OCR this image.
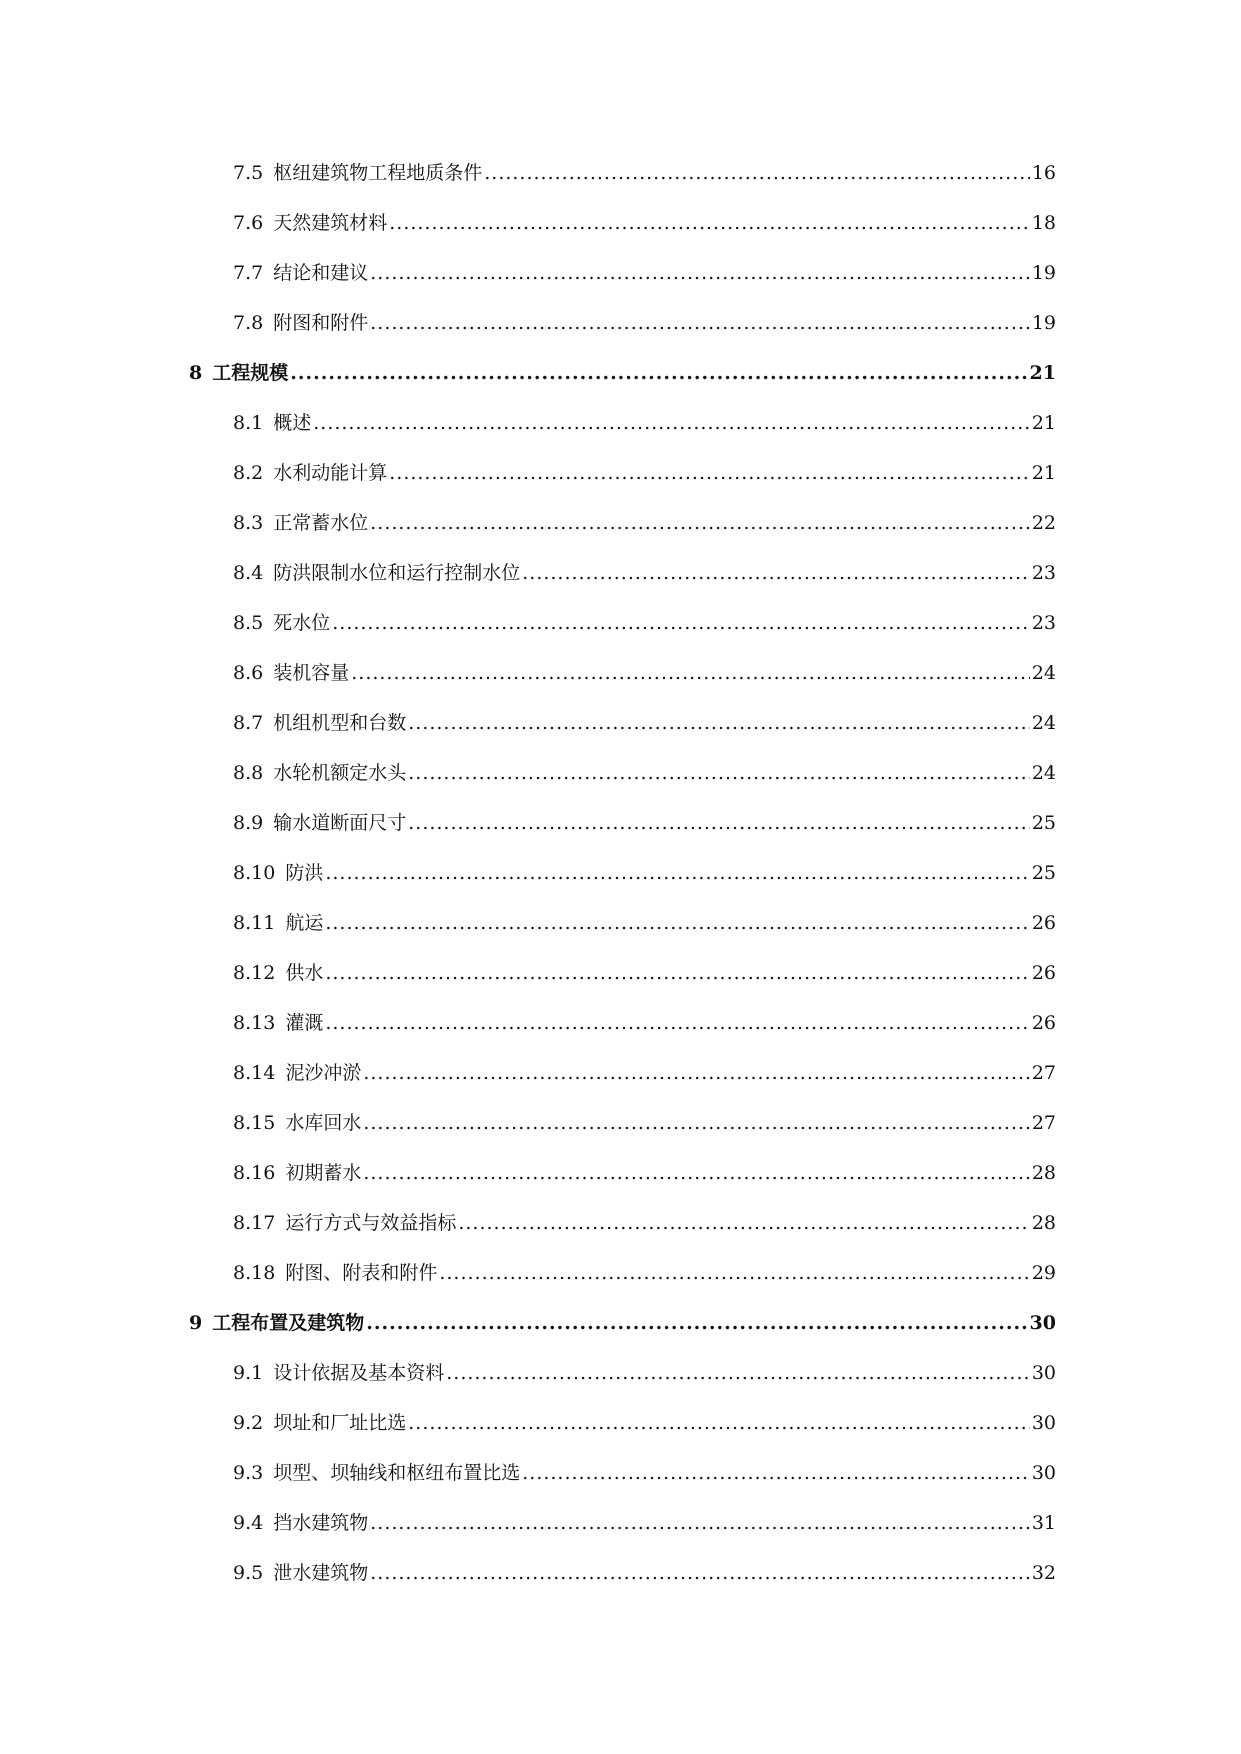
7.5 枢纽建筑物工程地质条件 .....	16
7.6 天然建筑材料 .....	18
7.7 结论和建议 .....	19
7.8 附图和附件 .....	19
8 工程规模 .....	21
8.1 概述 .....	21
8.2 水利动能计算 .....	21
8.3 正常蓄水位 .....	22
8.4 防洪限制水位和运行控制水位 .....	23
8.5 死水位 .....	23
8.6 装机容量 .....	24
8.7 机组机型和台数 .....	24
8.8 水轮机额定水头 .....	24
8.9 输水道断面尺寸 .....	25
8.10 防洪 .....	25
8.11 航运 .....	26
8.12 供水 .....	26
8.13 灌溉 .....	26
8.14 泥沙冲淤 .....	27
8.15 水库回水 .....	27
8.16 初期蓄水 .....	28
8.17 运行方式与效益指标 .....	28
8.18 附图、附表和附件 .....	29
9 工程布置及建筑物 .....	30
9.1 设计依据及基本资料 .....	30
9.2 坝址和厂址比选 .....	30
9.3 坝型、坝轴线和枢纽布置比选 .....	30
9.4 挡水建筑物 .....	31
9.5 泄水建筑物 .....	32
